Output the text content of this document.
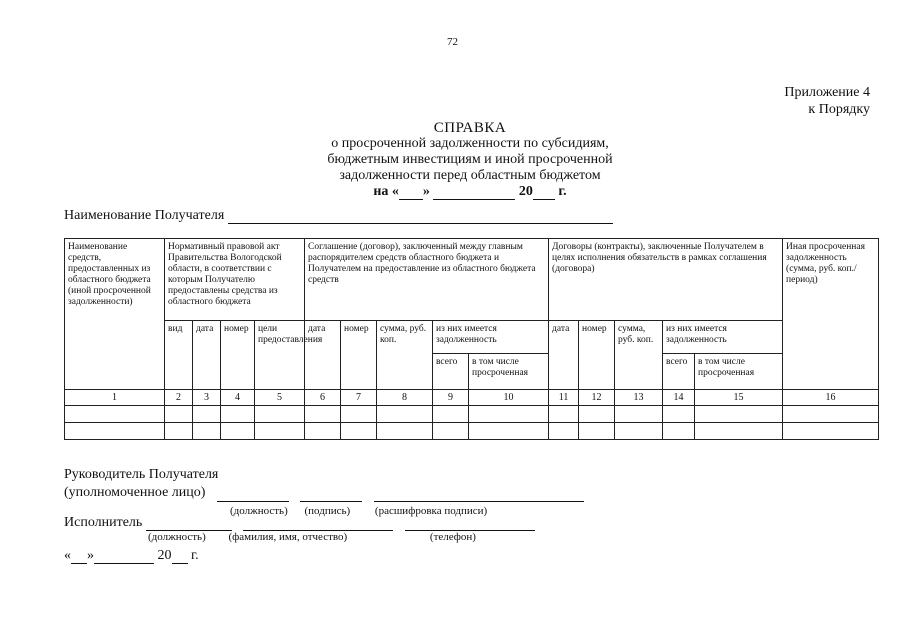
72
Приложение 4
к Порядку
СПРАВКА
о просроченной задолженности по субсидиям,
бюджетным инвестициям и иной просроченной
задолженности перед областным бюджетом
на « »	20 г.
Наименование Получателя
Наименование средств, предоставленных из областного бюджета (иной просроченной задолженности)	Нормативный правовой акт Правительства Вологодской области, в соответствии с которым Получателю предоставлены средства из областного бюджета				Соглашение (договор), заключенный между главным распорядителем средств областного бюджета и Получателем на предоставление из областного бюджета средств					Договоры (контракты), заключенные Получателем в целях исполнения обязательств в рамках соглашения (договора)					Иная просроченная задолженность (сумма, руб. коп./период)
	вид	дата	номер	цели предоставления	дата	номер	сумма, руб. коп.	из них имеется задолженность		дата	номер	сумма, руб. коп.	из них имеется задолженность		
								всего	в том числе просроченная				всего	в том числе просроченная	
1	2	3	4	5	6	7	8	9	10	11	12	13	14	15	16

Руководитель Получателя
(уполномоченное лицо)
(должность) (подпись) (расшифровка подписи)
Исполнитель
(должность) (фамилия, имя, отчество)	(телефон)
« »	20 г.
